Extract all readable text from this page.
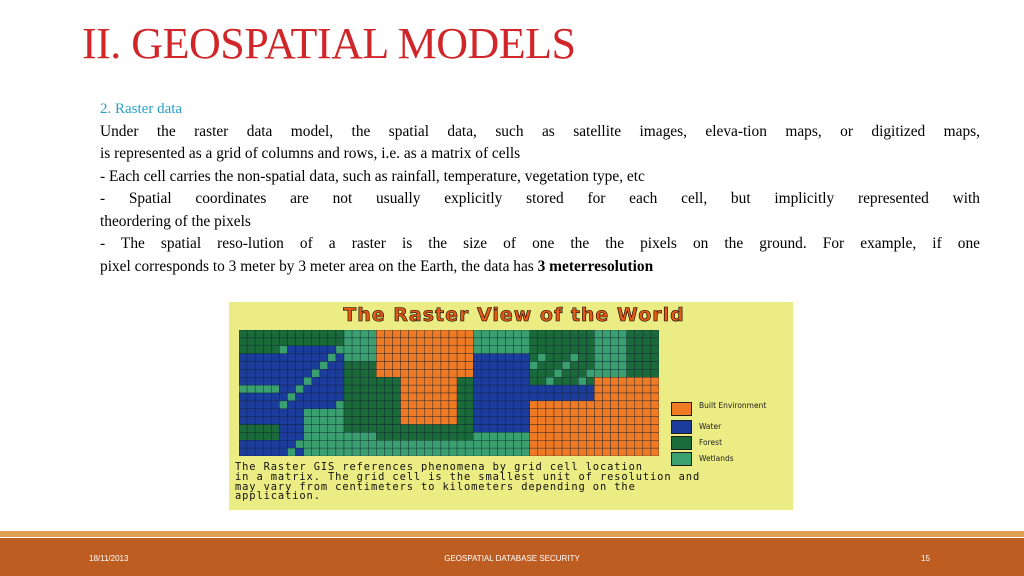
II. GEOSPATIAL MODELS

2. Raster data

Under the raster data model, the spatial data, such as satellite images, eleva-tion maps, or digitized maps,

is represented as a grid of columns and rows, i.e. as a matrix of cells

- Each cell carries the non-spatial data, such as rainfall, temperature, vegetation type, etc

- Spatial coordinates are not usually explicitly stored for each cell, but implicitly represented with

theordering of the pixels

- The spatial reso-lution of a raster is the size of one the the pixels on the ground. For example, if one

pixel corresponds to 3 meter by 3 meter area on the Earth, the data has 3 meterresolution

The Raster View of the World
Built Environment
Water
Forest
Wetlands
The Raster GIS references phenomena by grid cell location
in a matrix. The grid cell is the smallest unit of resolution and
may vary from centimeters to kilometers depending on the
application.
18/11/2013	GEOSPATIAL DATABASE SECURITY	15
